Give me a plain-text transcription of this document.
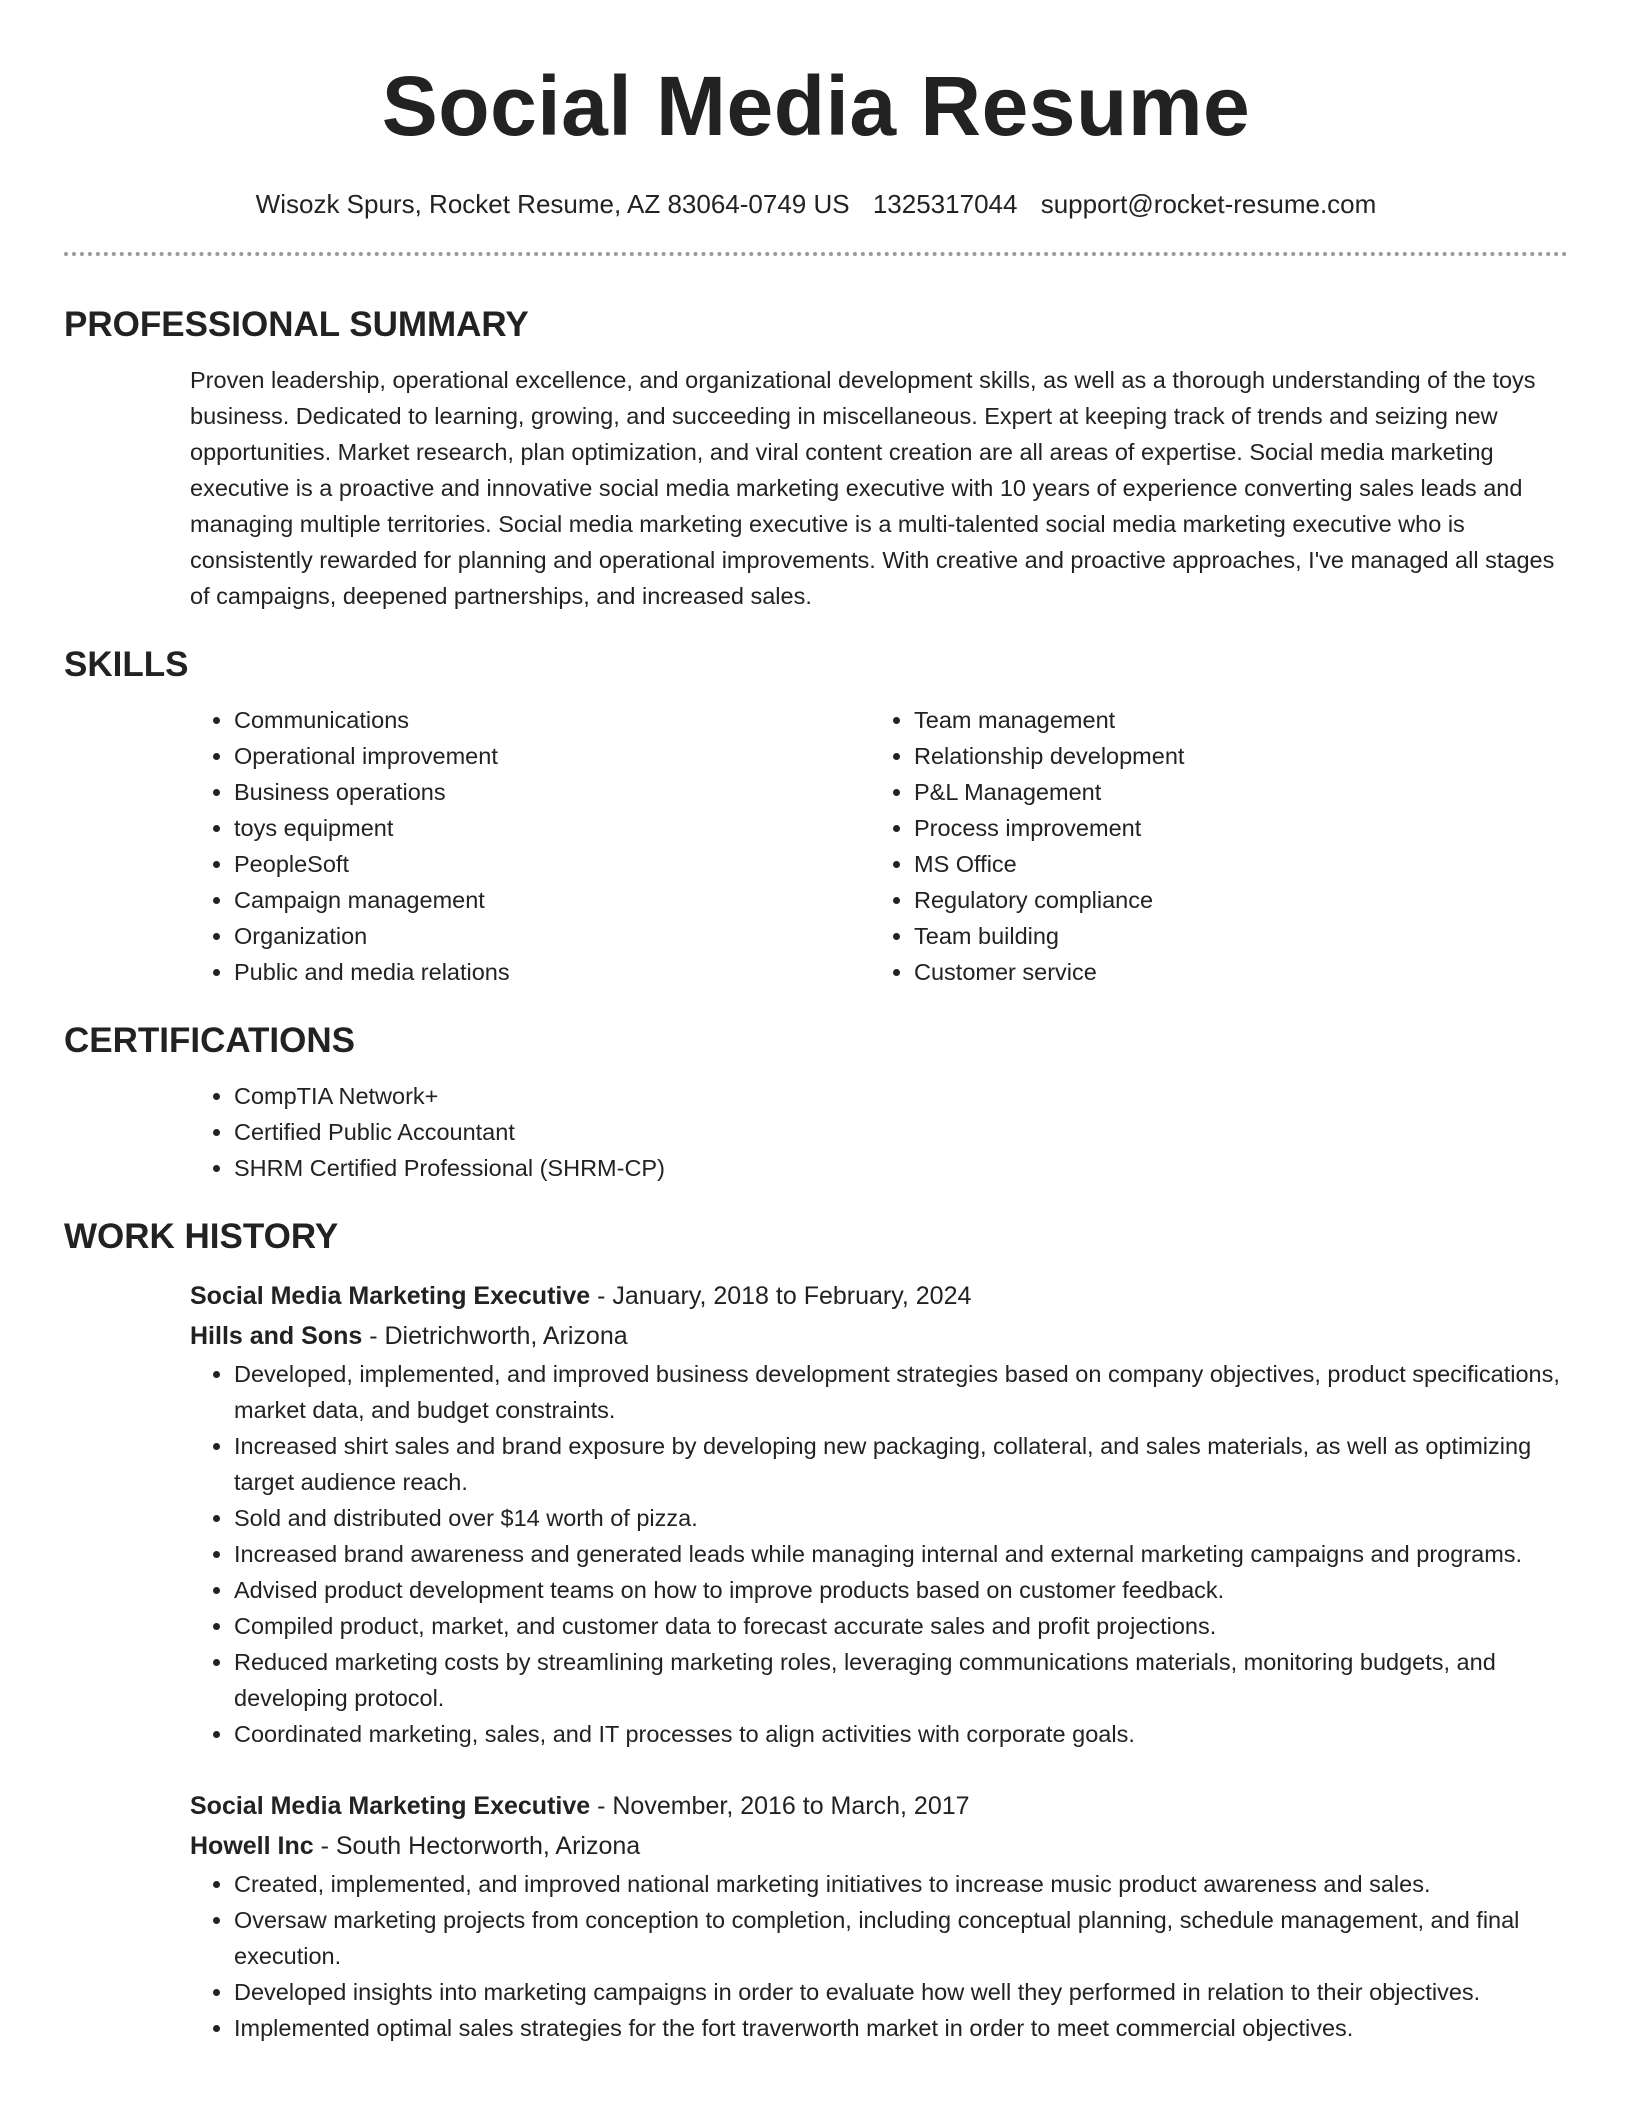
Social Media Resume
Wisozk Spurs, Rocket Resume, AZ 83064-0749 US 1325317044 support@rocket-resume.com
PROFESSIONAL SUMMARY
Proven leadership, operational excellence, and organizational development skills, as well as a thorough understanding of the toys business. Dedicated to learning, growing, and succeeding in miscellaneous. Expert at keeping track of trends and seizing new opportunities. Market research, plan optimization, and viral content creation are all areas of expertise. Social media marketing executive is a proactive and innovative social media marketing executive with 10 years of experience converting sales leads and managing multiple territories. Social media marketing executive is a multi-talented social media marketing executive who is consistently rewarded for planning and operational improvements. With creative and proactive approaches, I've managed all stages of campaigns, deepened partnerships, and increased sales.
SKILLS
• Communications
• Operational improvement
• Business operations
• toys equipment
• PeopleSoft
• Campaign management
• Organization
• Public and media relations
• Team management
• Relationship development
• P&L Management
• Process improvement
• MS Office
• Regulatory compliance
• Team building
• Customer service
CERTIFICATIONS
• CompTIA Network+
• Certified Public Accountant
• SHRM Certified Professional (SHRM-CP)
WORK HISTORY
Social Media Marketing Executive - January, 2018 to February, 2024
Hills and Sons - Dietrichworth, Arizona
• Developed, implemented, and improved business development strategies based on company objectives, product specifications, market data, and budget constraints.
• Increased shirt sales and brand exposure by developing new packaging, collateral, and sales materials, as well as optimizing target audience reach.
• Sold and distributed over $14 worth of pizza.
• Increased brand awareness and generated leads while managing internal and external marketing campaigns and programs.
• Advised product development teams on how to improve products based on customer feedback.
• Compiled product, market, and customer data to forecast accurate sales and profit projections.
• Reduced marketing costs by streamlining marketing roles, leveraging communications materials, monitoring budgets, and developing protocol.
• Coordinated marketing, sales, and IT processes to align activities with corporate goals.
Social Media Marketing Executive - November, 2016 to March, 2017
Howell Inc - South Hectorworth, Arizona
• Created, implemented, and improved national marketing initiatives to increase music product awareness and sales.
• Oversaw marketing projects from conception to completion, including conceptual planning, schedule management, and final execution.
• Developed insights into marketing campaigns in order to evaluate how well they performed in relation to their objectives.
• Implemented optimal sales strategies for the fort traverworth market in order to meet commercial objectives.
